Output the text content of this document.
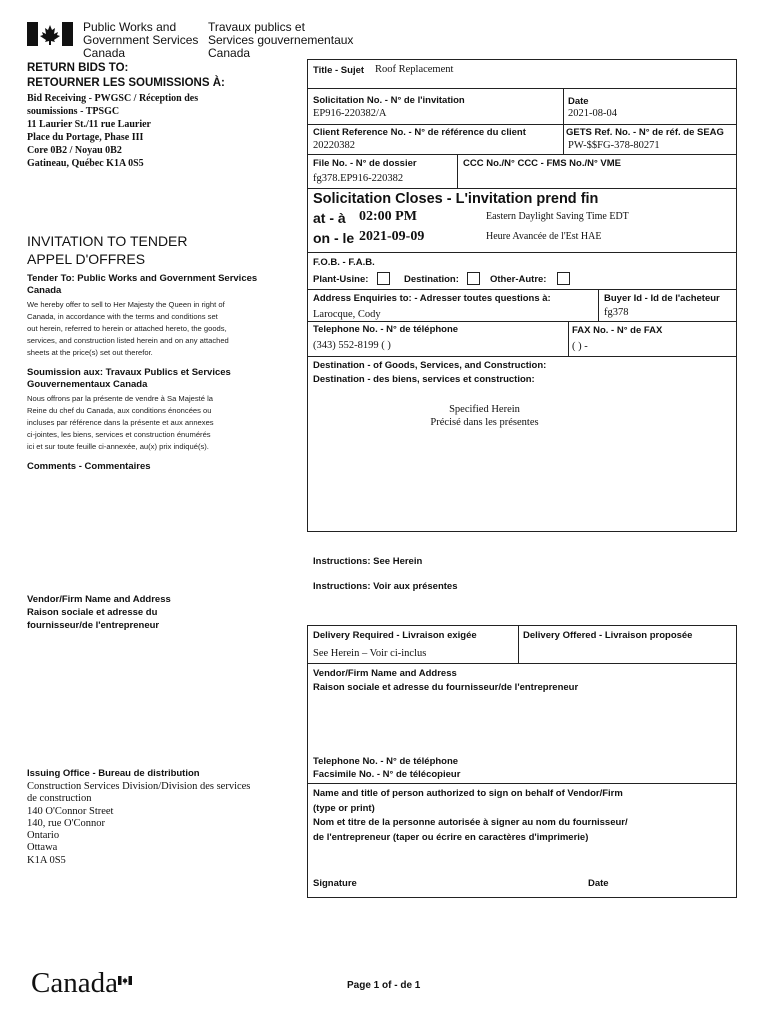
Public Works and
Government Services
Canada
Travaux publics et
Services gouvernementaux
Canada
RETURN BIDS TO:
RETOURNER LES SOUMISSIONS À:
Bid Receiving - PWGSC / Réception des
soumissions - TPSGC
11 Laurier St./11 rue Laurier
Place du Portage, Phase III
Core 0B2 / Noyau 0B2
Gatineau, Québec K1A 0S5
INVITATION TO TENDER
APPEL D'OFFRES
Tender To: Public Works and Government Services
Canada
We hereby offer to sell to Her Majesty the Queen in right of
Canada, in accordance with the terms and conditions set
out herein, referred to herein or attached hereto, the goods,
services, and construction listed herein and on any attached
sheets at the price(s) set out therefor.
Soumission aux: Travaux Publics et Services
Gouvernementaux Canada
Nous offrons par la présente de vendre à Sa Majesté la
Reine du chef du Canada, aux conditions énoncées ou
incluses par référence dans la présente et aux annexes
ci-jointes, les biens, services et construction énumérés
ici et sur toute feuille ci-annexée, au(x) prix indiqué(s).
Comments - Commentaires
Vendor/Firm Name and Address
Raison sociale et adresse du
fournisseur/de l'entrepreneur
Issuing Office - Bureau de distribution
Construction Services Division/Division des services
de construction
140 O'Connor Street
140, rue O'Connor
Ontario
Ottawa
K1A 0S5
Title - Sujet Roof Replacement
Solicitation No. - N° de l'invitation
EP916-220382/A
Date
2021-08-04
Client Reference No. - N° de référence du client
20220382
GETS Ref. No. - N° de réf. de SEAG
PW-$$FG-378-80271
File No. - N° de dossier
fg378.EP916-220382
CCC No./N° CCC - FMS No./N° VME
Solicitation Closes - L'invitation prend fin
at - à 02:00 PM
on - le 2021-09-09
Eastern Daylight Saving Time EDT
Heure Avancée de l'Est HAE
F.O.B. - F.A.B.
Plant-Usine:	Destination:	Other-Autre:
Address Enquiries to: - Adresser toutes questions à:
Larocque, Cody
Buyer Id - Id de l'acheteur
fg378
Telephone No. - N° de téléphone
(343) 552-8199 ( )
FAX No. - N° de FAX
( ) -
Destination - of Goods, Services, and Construction:
Destination - des biens, services et construction:
Specified Herein
Précisé dans les présentes
Instructions: See Herein
Instructions: Voir aux présentes
Delivery Required - Livraison exigée
See Herein – Voir ci-inclus
Delivery Offered - Livraison proposée
Vendor/Firm Name and Address
Raison sociale et adresse du fournisseur/de l'entrepreneur
Telephone No. - N° de téléphone
Facsimile No. - N° de télécopieur
Name and title of person authorized to sign on behalf of Vendor/Firm
(type or print)
Nom et titre de la personne autorisée à signer au nom du fournisseur/
de l'entrepreneur (taper ou écrire en caractères d'imprimerie)
Signature	Date
Canada	Page 1 of - de 1
